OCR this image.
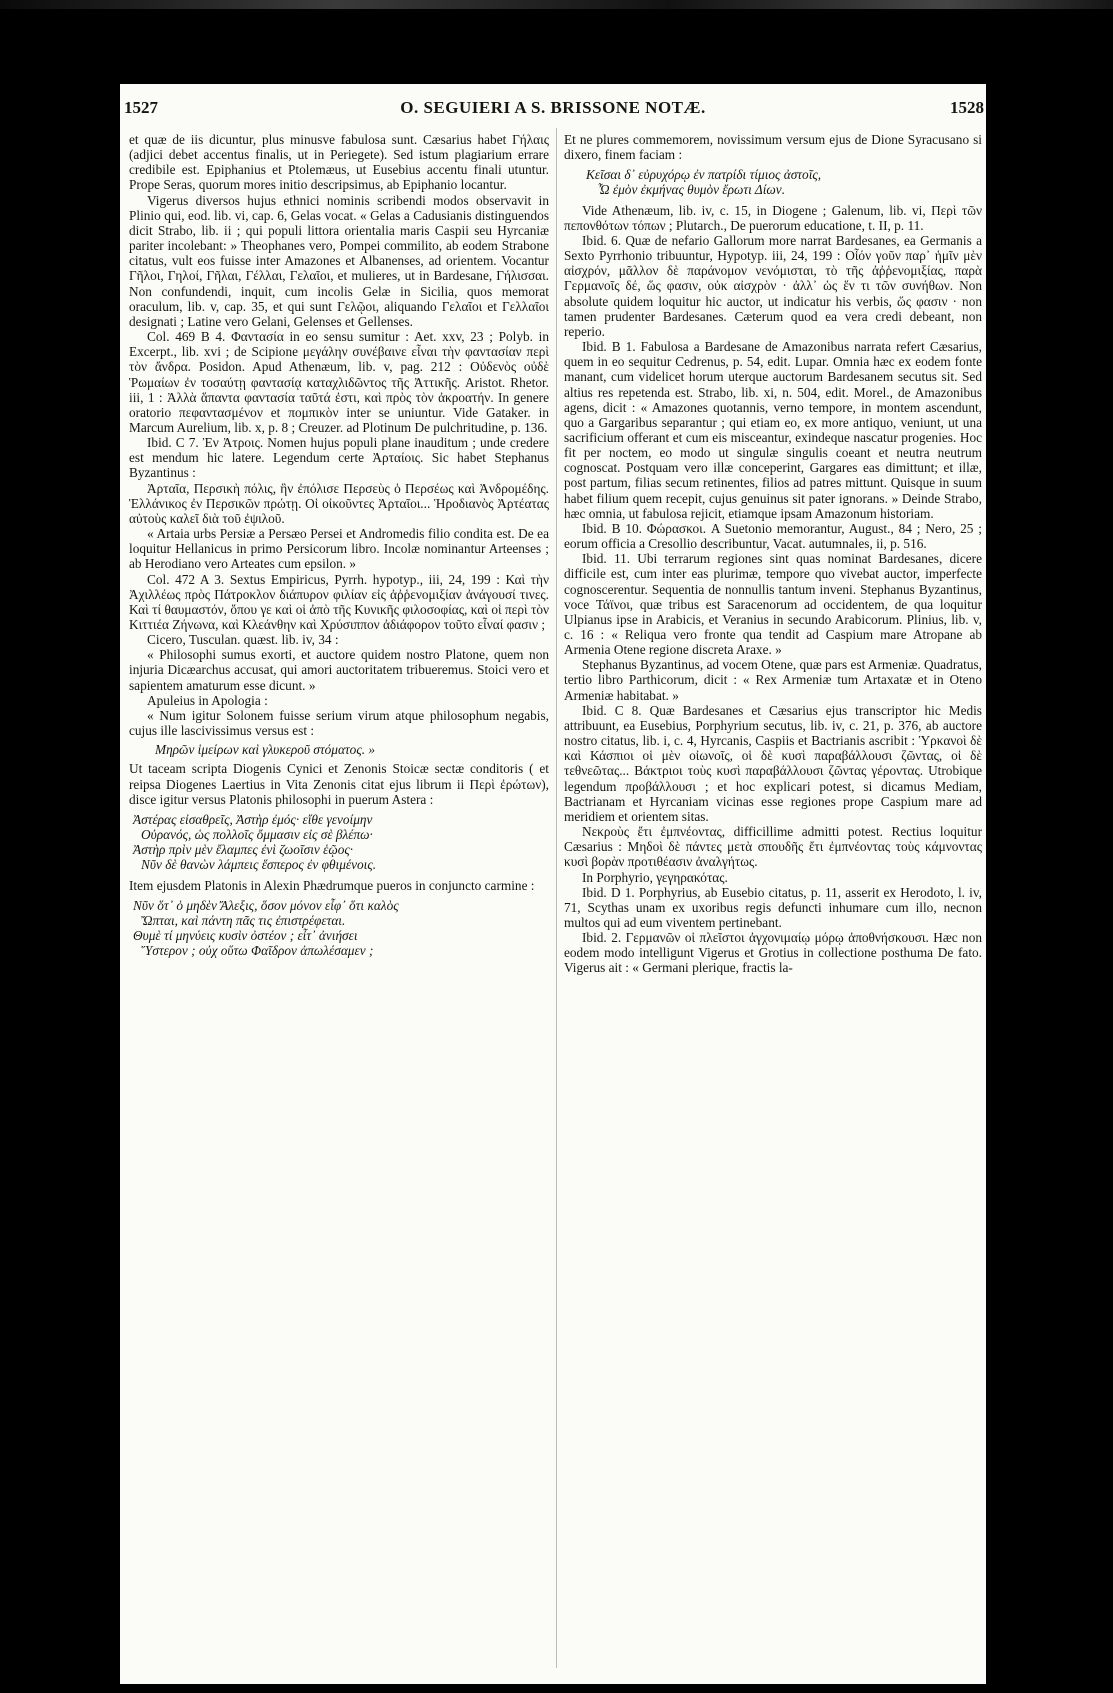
1527	O. SEGUIERI A S. BRISSONE NOTÆ.	1528

et quæ de iis dicuntur, plus minusve fabulosa sunt. Cæsarius habet Γήλαις (adjici debet accentus finalis, ut in Periegete). Sed istum plagiarium errare credibile est. Epiphanius et Ptolemæus, ut Eusebius accentu finali utuntur. Prope Seras, quorum mores initio descripsimus, ab Epiphanio locantur.

Vigerus diversos hujus ethnici nominis scribendi modos observavit in Plinio qui, eod. lib. vi, cap. 6, Gelas vocat. « Gelas a Cadusianis distinguendos dicit Strabo, lib. ii ; qui populi littora orientalia maris Caspii seu Hyrcaniæ pariter incolebant: » Theophanes vero, Pompei commilito, ab eodem Strabone citatus, vult eos fuisse inter Amazones et Albanenses, ad orientem. Vocantur Γῆλοι, Γηλοί, Γῆλαι, Γέλλαι, Γελαῖοι, et mulieres, ut in Bardesane, Γήλισσαι. Non confundendi, inquit, cum incolis Gelæ in Sicilia, quos memorat oraculum, lib. v, cap. 35, et qui sunt Γελῷοι, aliquando Γελαῖοι et Γελλαῖοι designati ; Latine vero Gelani, Gelenses et Gellenses.

Col. 469 B 4. Φαντασία in eo sensu sumitur : Aet. xxv, 23 ; Polyb. in Excerpt., lib. xvi ; de Scipione μεγάλην συνέβαινε εἶναι τὴν φαντασίαν περὶ τὸν ἄνδρα. Posidon. Apud Athenæum, lib. v, pag. 212 : Οὐδενὸς οὐδὲ Ῥωμαίων ἐν τοσαύτῃ φαντασίᾳ καταχλιδῶντος τῆς Ἀττικῆς. Aristot. Rhetor. iii, 1 : Ἀλλὰ ἅπαντα φαντασία ταῦτά ἐστι, καὶ πρὸς τὸν ἀκροατήν. In genere oratorio πεφαντασμένον et πομπικὸν inter se uniuntur. Vide Gataker. in Marcum Aurelium, lib. x, p. 8 ; Creuzer. ad Plotinum De pulchritudine, p. 136.

Ibid. C 7. Ἐν Ἀτροις. Nomen hujus populi plane inauditum ; unde credere est mendum hic latere. Legendum certe Ἀρταίοις. Sic habet Stephanus Byzantinus :

Ἀρταῖα, Περσικὴ πόλις, ἣν ἐπόλισε Περσεὺς ὁ Περσέως καὶ Ἀνδρομέδης. Ἑλλάνικος ἐν Περσικῶν πρώτῃ. Οἱ οἰκοῦντες Ἀρταῖοι... Ἡροδιανὸς Ἀρτέατας αὐτοὺς καλεῖ διὰ τοῦ ἐψιλοῦ.

« Artaia urbs Persiæ a Persæo Persei et Andromedis filio condita est. De ea loquitur Hellanicus in primo Persicorum libro. Incolæ nominantur Arteenses ; ab Herodiano vero Arteates cum epsilon. »

Col. 472 A 3. Sextus Empiricus, Pyrrh. hypotyp., iii, 24, 199 : Καὶ τὴν Ἀχιλλέως πρὸς Πάτροκλον διάπυρον φιλίαν εἰς ἀῤῥενομιξίαν ἀνάγουσί τινες. Καὶ τί θαυμαστόν, ὅπου γε καὶ οἱ ἀπὸ τῆς Κυνικῆς φιλοσοφίας, καὶ οἱ περὶ τὸν Κιττιέα Ζήνωνα, καὶ Κλεάνθην καὶ Χρύσιππον ἀδιάφορον τοῦτο εἶναί φασιν ;

Cicero, Tusculan. quæst. lib. iv, 34 :

« Philosophi sumus exorti, et auctore quidem nostro Platone, quem non injuria Dicæarchus accusat, qui amori auctoritatem tribueremus. Stoici vero et sapientem amaturum esse dicunt. »

Apuleius in Apologia :

« Num igitur Solonem fuisse serium virum atque philosophum negabis, cujus ille lascivissimus versus est :

Μηρῶν ἱμείρων καὶ γλυκεροῦ στόματος. »

Ut taceam scripta Diogenis Cynici et Zenonis Stoicæ sectæ conditoris ( et reipsa Diogenes Laertius in Vita Zenonis citat ejus librum ii Περὶ ἐρώτων), disce igitur versus Platonis philosophi in puerum Astera :

Ἀστέρας εἰσαθρεῖς, Ἀστὴρ ἐμός· εἴθε γενοίμην

Οὐρανός, ὡς πολλοῖς ὄμμασιν εἰς σὲ βλέπω·

Ἀστὴρ πρὶν μὲν ἔλαμπες ἐνὶ ζωοῖσιν ἑῷος·

Νῦν δὲ θανὼν λάμπεις ἕσπερος ἐν φθιμένοις.

Item ejusdem Platonis in Alexin Phædrumque pueros in conjuncto carmine :

Νῦν ὅτ᾽ ὁ μηδὲν Ἄλεξις, ὅσον μόνον εἶφ᾽ ὅτι καλὸς

Ὤπται, καὶ πάντη πᾶς τις ἐπιστρέφεται.

Θυμὲ τί μηνύεις κυσὶν ὀστέον ; εἶτ᾽ ἀνιήσει

Ὕστερον ; οὐχ οὕτω Φαῖδρον ἀπωλέσαμεν ;

Et ne plures commemorem, novissimum versum ejus de Dione Syracusano si dixero, finem faciam :

Κεῖσαι δ᾽ εὐρυχόρῳ ἐν πατρίδι τίμιος ἀστοῖς,

Ὦ ἐμὸν ἐκμήνας θυμὸν ἔρωτι Δίων.

Vide Athenæum, lib. iv, c. 15, in Diogene ; Galenum, lib. vi, Περὶ τῶν πεπονθότων τόπων ; Plutarch., De puerorum educatione, t. II, p. 11.

Ibid. 6. Quæ de nefario Gallorum more narrat Bardesanes, ea Germanis a Sexto Pyrrhonio tribuuntur, Hypotyp. iii, 24, 199 : Οἷόν γοῦν παρ᾽ ἡμῖν μὲν αἰσχρόν, μᾶλλον δὲ παράνομον νενόμισται, τὸ τῆς ἀῤῥενομιξίας, παρὰ Γερμανοῖς δέ, ὥς φασιν, οὐκ αἰσχρὸν · ἀλλ᾽ ὡς ἕν τι τῶν συνήθων. Non absolute quidem loquitur hic auctor, ut indicatur his verbis, ὥς φασιν · non tamen prudenter Bardesanes. Cæterum quod ea vera credi debeant, non reperio.

Ibid. B 1. Fabulosa a Bardesane de Amazonibus narrata refert Cæsarius, quem in eo sequitur Cedrenus, p. 54, edit. Lupar. Omnia hæc ex eodem fonte manant, cum videlicet horum uterque auctorum Bardesanem secutus sit. Sed altius res repetenda est. Strabo, lib. xi, n. 504, edit. Morel., de Amazonibus agens, dicit : « Amazones quotannis, verno tempore, in montem ascendunt, quo a Gargaribus separantur ; qui etiam eo, ex more antiquo, veniunt, ut una sacrificium offerant et cum eis misceantur, exindeque nascatur progenies. Hoc fit per noctem, eo modo ut singulæ singulis coeant et neutra neutrum cognoscat. Postquam vero illæ conceperint, Gargares eas dimittunt; et illæ, post partum, filias secum retinentes, filios ad patres mittunt. Quisque in suum habet filium quem recepit, cujus genuinus sit pater ignorans. » Deinde Strabo, hæc omnia, ut fabulosa rejicit, etiamque ipsam Amazonum historiam.

Ibid. B 10. Φώρασκοι. A Suetonio memorantur, August., 84 ; Nero, 25 ; eorum officia a Cresollio describuntur, Vacat. autumnales, ii, p. 516.

Ibid. 11. Ubi terrarum regiones sint quas nominat Bardesanes, dicere difficile est, cum inter eas plurimæ, tempore quo vivebat auctor, imperfecte cognoscerentur. Sequentia de nonnullis tantum inveni. Stephanus Byzantinus, voce Τάϊνοι, quæ tribus est Saracenorum ad occidentem, de qua loquitur Ulpianus ipse in Arabicis, et Veranius in secundo Arabicorum. Plinius, lib. v, c. 16 : « Reliqua vero fronte qua tendit ad Caspium mare Atropane ab Armenia Otene regione discreta Araxe. »

Stephanus Byzantinus, ad vocem Otene, quæ pars est Armeniæ. Quadratus, tertio libro Parthicorum, dicit : « Rex Armeniæ tum Artaxatæ et in Oteno Armeniæ habitabat. »

Ibid. C 8. Quæ Bardesanes et Cæsarius ejus transcriptor hic Medis attribuunt, ea Eusebius, Porphyrium secutus, lib. iv, c. 21, p. 376, ab auctore nostro citatus, lib. i, c. 4, Hyrcanis, Caspiis et Bactrianis ascribit : Ὑρκανοὶ δὲ καὶ Κάσπιοι οἱ μὲν οἰωνοῖς, οἱ δὲ κυσὶ παραβάλλουσι ζῶντας, οἱ δὲ τεθνεῶτας... Βάκτριοι τοὺς κυσὶ παραβάλλουσι ζῶντας γέροντας. Utrobique legendum προβάλλουσι ; et hoc explicari potest, si dicamus Mediam, Bactrianam et Hyrcaniam vicinas esse regiones prope Caspium mare ad meridiem et orientem sitas.

Νεκροὺς ἔτι ἐμπνέοντας, difficillime admitti potest. Rectius loquitur Cæsarius : Μηδοὶ δὲ πάντες μετὰ σπουδῆς ἔτι ἐμπνέοντας τοὺς κάμνοντας κυσὶ βορὰν προτιθέασιν ἀναλγήτως.

In Porphyrio, γεγηρακότας.

Ibid. D 1. Porphyrius, ab Eusebio citatus, p. 11, asserit ex Herodoto, l. iv, 71, Scythas unam ex uxoribus regis defuncti inhumare cum illo, necnon multos qui ad eum viventem pertinebant.

Ibid. 2. Γερμανῶν οἱ πλεῖστοι ἀγχονιμαίῳ μόρῳ ἀποθνήσκουσι. Hæc non eodem modo intelligunt Vigerus et Grotius in collectione posthuma De fato. Vigerus ait : « Germani plerique, fractis la-
